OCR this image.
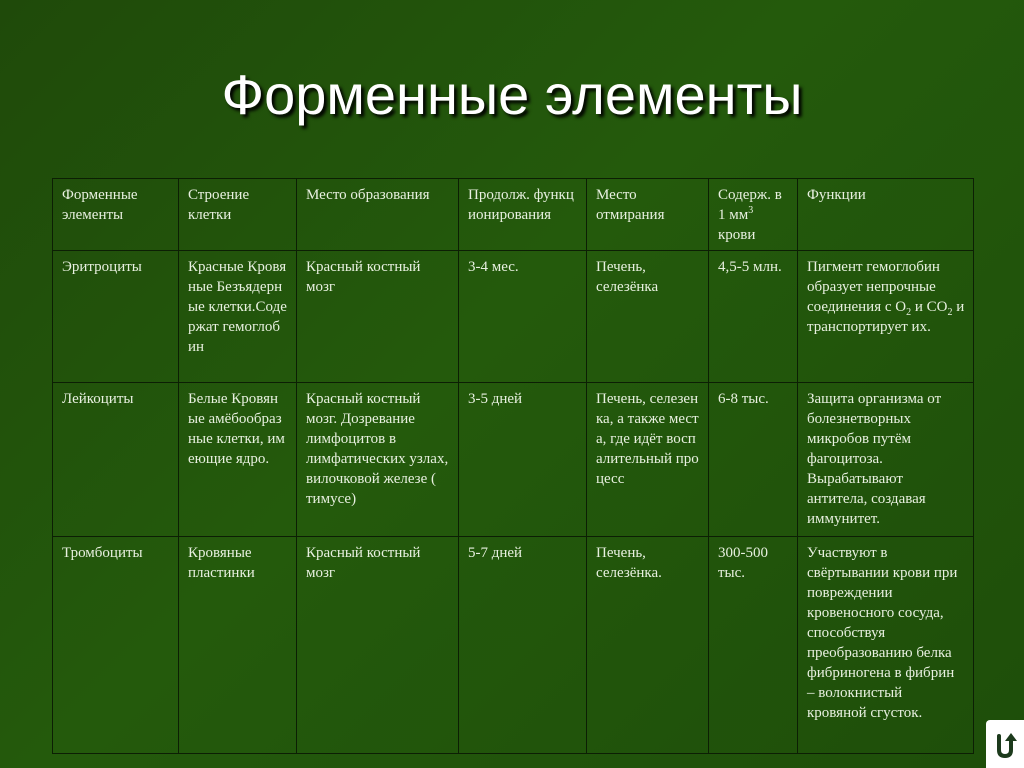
Форменные элементы
Форменные элементы	Строение клетки	Место образования	Продолж. функционирования	Место отмирания	Содерж. в 1 $мм^3$ крови	Функции
Эритроциты	Красные Кровяные Безъядерные клетки.Содержат гемоглобин	Красный костный мозг	3-4 мес.	Печень, селезёнка	4,5-5 млн.	Пигмент гемоглобин образует непрочные соединения с $О_2$ и $СО_2$ и транспортирует их.
Лейкоциты	Белые Кровяные амёбообразные клетки, имеющие ядро.	Красный костный мозг. Дозревание лимфоцитов в лимфатических узлах, вилочковой железе ( тимусе)	3-5 дней	Печень, селезенка, а также места, где идёт воспалительный процесс	6-8 тыс.	Защита организма от болезнетворных микробов путём фагоцитоза. Вырабатывают антитела, создавая иммунитет.
Тромбоциты	Кровяные пластинки	Красный костный мозг	5-7 дней	Печень, селезёнка.	300-500 тыс.	Участвуют в свёртывании крови при повреждении кровеносного сосуда, способствуя преобразованию белка фибриногена в фибрин – волокнистый кровяной сгусток.
